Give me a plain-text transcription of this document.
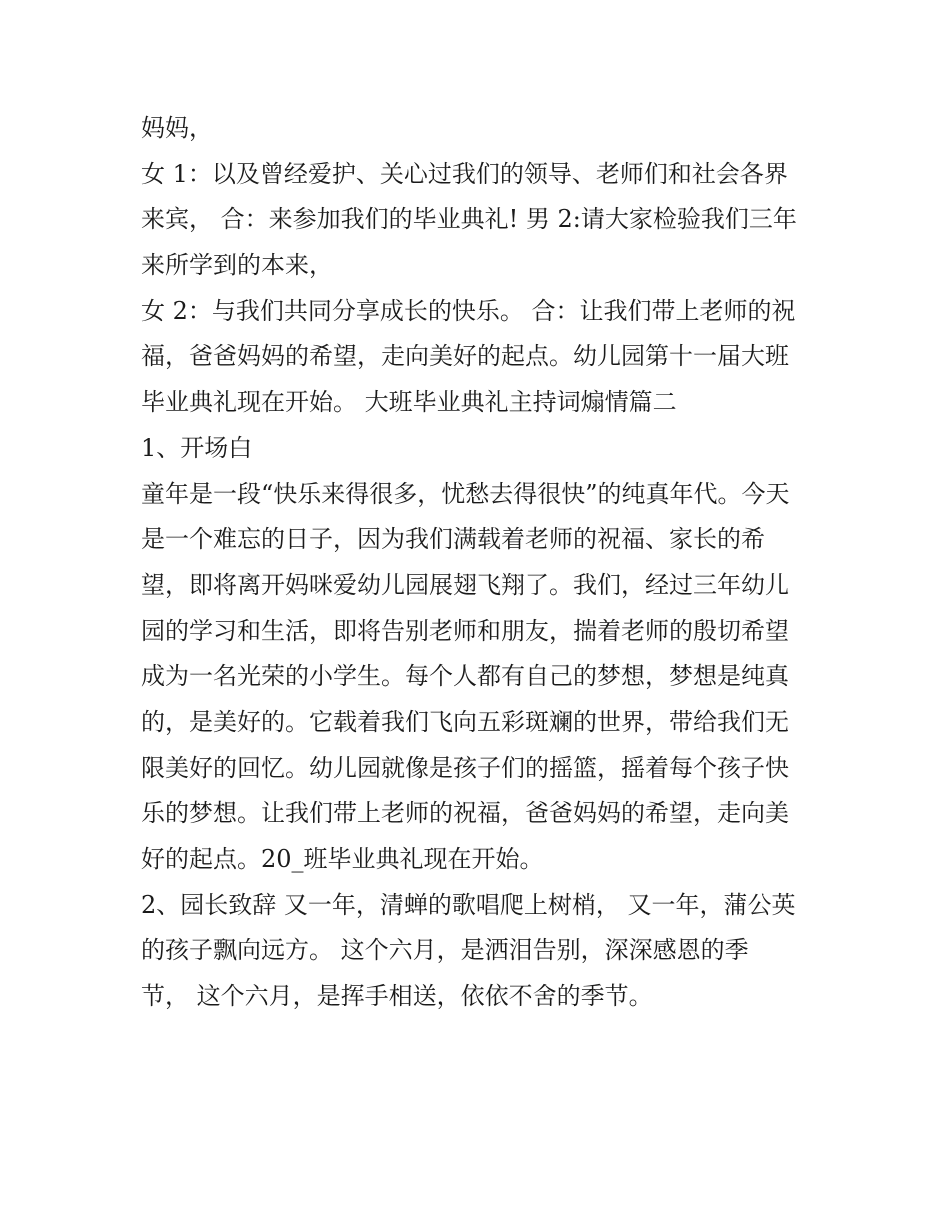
妈妈，
女 1：以及曾经爱护、关心过我们的领导、老师们和社会各界
来宾， 合：来参加我们的毕业典礼! 男 2:请大家检验我们三年
来所学到的本来，
女 2：与我们共同分享成长的快乐。 合：让我们带上老师的祝
福，爸爸妈妈的希望，走向美好的起点。幼儿园第十一届大班
毕业典礼现在开始。 大班毕业典礼主持词煽情篇二
1、开场白
童年是一段“快乐来得很多，忧愁去得很快”的纯真年代。今天
是一个难忘的日子，因为我们满载着老师的祝福、家长的希
望，即将离开妈咪爱幼儿园展翅飞翔了。我们，经过三年幼儿
园的学习和生活，即将告别老师和朋友，揣着老师的殷切希望
成为一名光荣的小学生。每个人都有自己的梦想，梦想是纯真
的，是美好的。它载着我们飞向五彩斑斓的世界，带给我们无
限美好的回忆。幼儿园就像是孩子们的摇篮，摇着每个孩子快
乐的梦想。让我们带上老师的祝福，爸爸妈妈的希望，走向美
好的起点。20_班毕业典礼现在开始。
2、园长致辞 又一年，清蝉的歌唱爬上树梢， 又一年，蒲公英
的孩子飘向远方。 这个六月，是洒泪告别，深深感恩的季
节， 这个六月，是挥手相送，依依不舍的季节。
